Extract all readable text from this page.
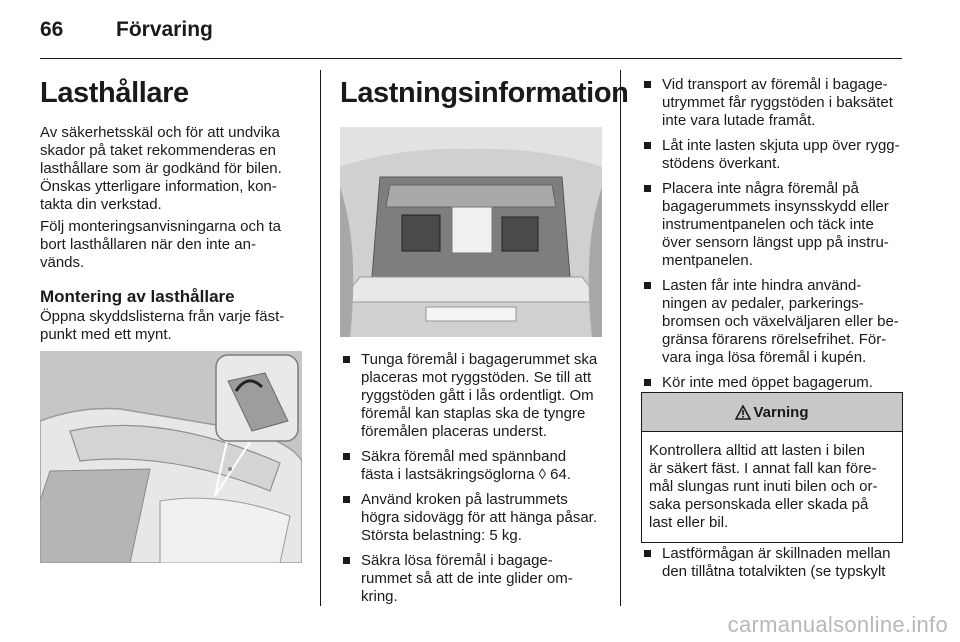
66	Förvaring
Lasthållare
Av säkerhetsskäl och för att undvika
skador på taket rekommenderas en
lasthållare som är godkänd för bilen.
Önskas ytterligare information, kon-
takta din verkstad.
Följ monteringsanvisningarna och ta
bort lasthållaren när den inte an-
vänds.
Montering av lasthållare
Öppna skyddslisterna från varje fäst-
punkt med ett mynt.
Lastningsinformation
Tunga föremål i bagagerummet ska
placeras mot ryggstöden. Se till att
ryggstöden gått i lås ordentligt. Om
föremål kan staplas ska de tyngre
föremålen placeras underst.
Säkra föremål med spännband
fästa i lastsäkringsöglorna ◊ 64.
Använd kroken på lastrummets
högra sidovägg för att hänga påsar.
Största belastning: 5 kg.
Säkra lösa föremål i bagage-
rummet så att de inte glider om-
kring.
Vid transport av föremål i bagage-
utrymmet får ryggstöden i baksätet
inte vara lutade framåt.
Låt inte lasten skjuta upp över rygg-
stödens överkant.
Placera inte några föremål på
bagagerummets insynsskydd eller
instrumentpanelen och täck inte
över sensorn längst upp på instru-
mentpanelen.
Lasten får inte hindra använd-
ningen av pedaler, parkerings-
bromsen och växelväljaren eller be-
gränsa förarens rörelsefrihet. För-
vara inga lösa föremål i kupén.
Kör inte med öppet bagagerum.
Varning
Kontrollera alltid att lasten i bilen
är säkert fäst. I annat fall kan före-
mål slungas runt inuti bilen och or-
saka personskada eller skada på
last eller bil.
Lastförmågan är skillnaden mellan
den tillåtna totalvikten (se typskylt
carmanualsonline.info
